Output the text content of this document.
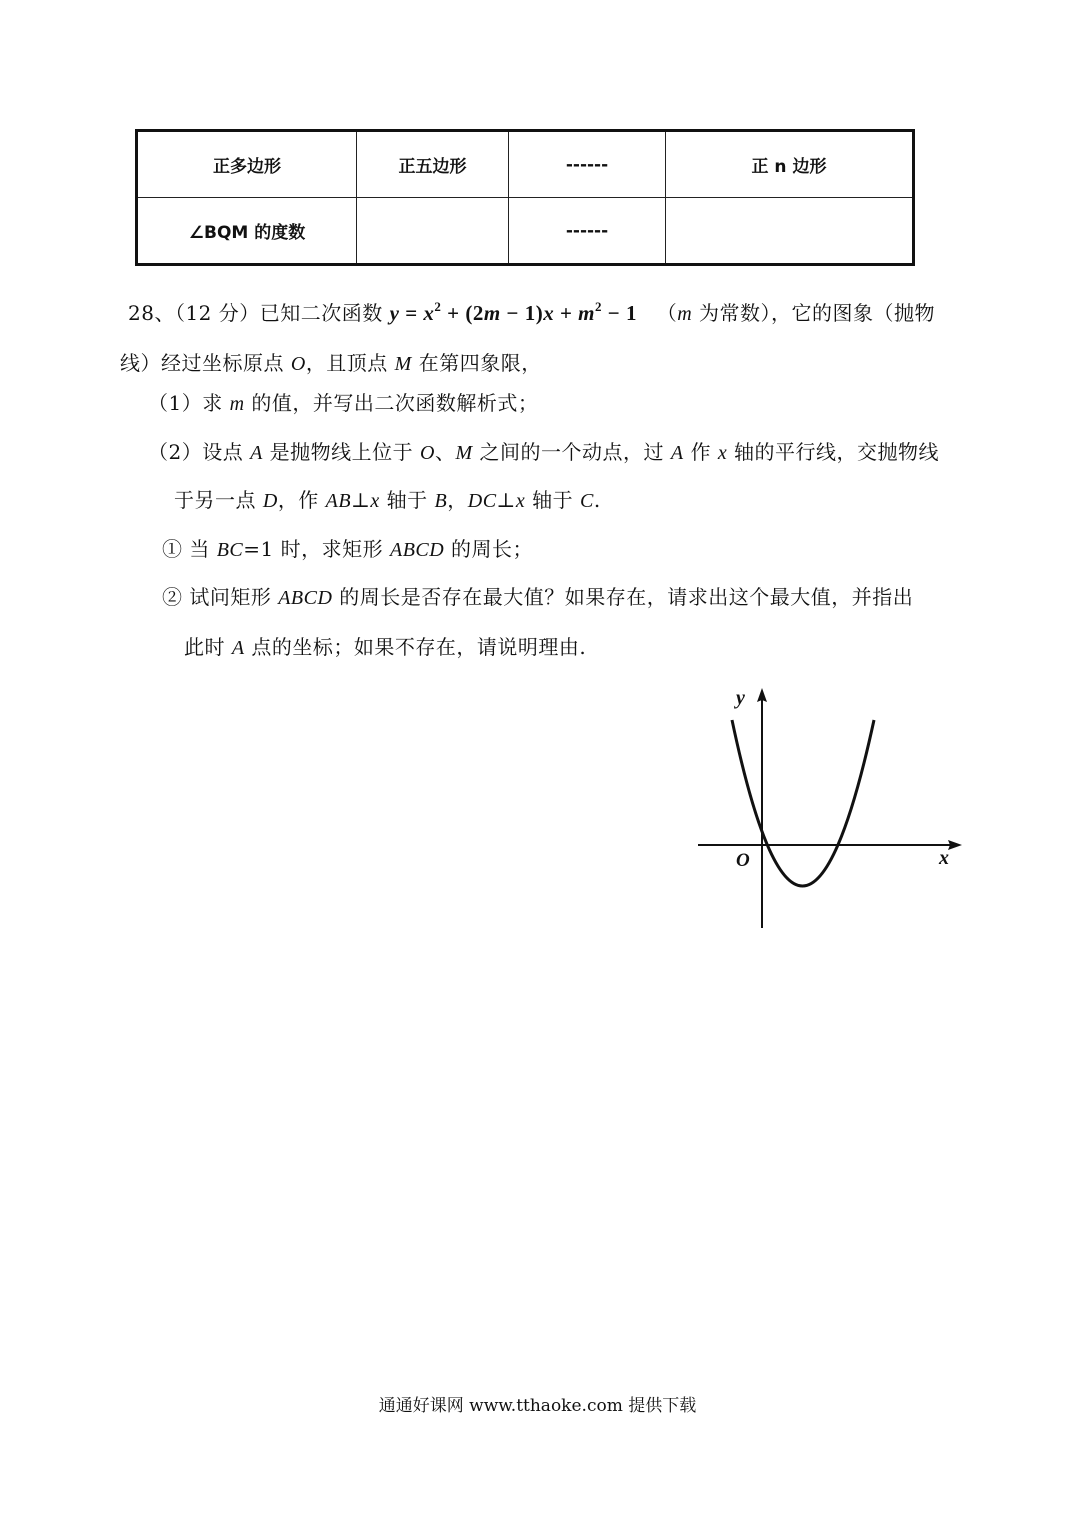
正多边形	正五边形	------	正 n 边形
∠BQM 的度数		------	
28、（12 分）已知二次函数 $y = x^2 + (2m - 1)x + m^2 - 1$ （m 为常数），它的图象（抛物
线）经过坐标原点 O，且顶点 M 在第四象限，
（1）求 m 的值，并写出二次函数解析式；
（2）设点 A 是抛物线上位于 O、M 之间的一个动点，过 A 作 x 轴的平行线，交抛物线
于另一点 D，作 AB⊥x 轴于 B，DC⊥x 轴于 C.
① 当 BC=1 时，求矩形 ABCD 的周长；
② 试问矩形 ABCD 的周长是否存在最大值？如果存在，请求出这个最大值，并指出
此时 A 点的坐标；如果不存在，请说明理由.
y
x
O
通通好课网 www.tthaoke.com 提供下载
